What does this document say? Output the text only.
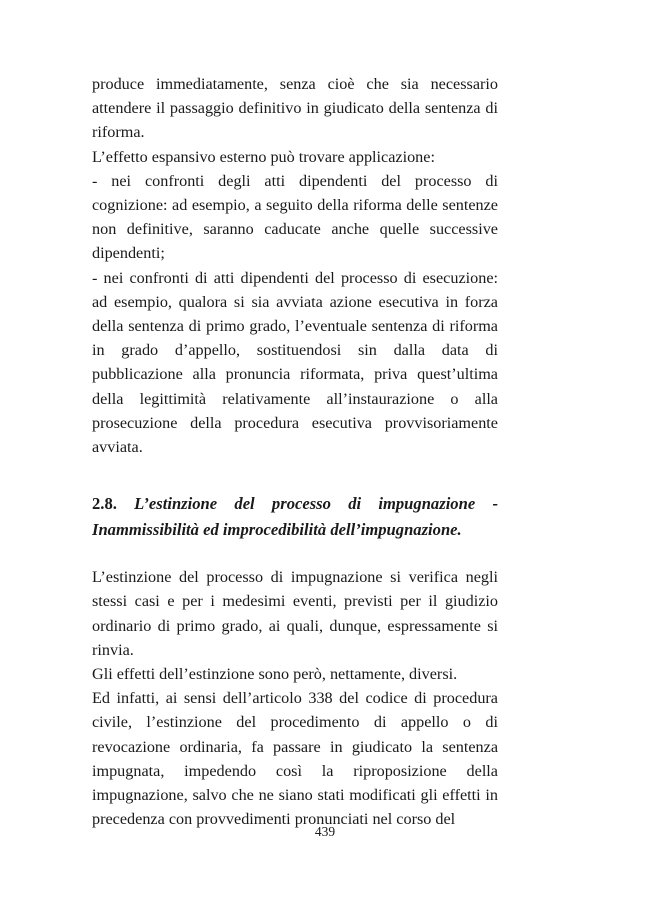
produce immediatamente, senza cioè che sia necessario attendere il passaggio definitivo in giudicato della sentenza di riforma.

L’effetto espansivo esterno può trovare applicazione:

- nei confronti degli atti dipendenti del processo di cognizione: ad esempio, a seguito della riforma delle sentenze non definitive, saranno caducate anche quelle successive dipendenti;

- nei confronti di atti dipendenti del processo di esecuzione: ad esempio, qualora si sia avviata azione esecutiva in forza della sentenza di primo grado, l’eventuale sentenza di riforma in grado d’appello, sostituendosi sin dalla data di pubblicazione alla pronuncia riformata, priva quest’ultima della legittimità relativamente all’instaurazione o alla prosecuzione della procedura esecutiva provvisoriamente avviata.

2.8. L’estinzione del processo di impugnazione - Inammissibilità ed improcedibilità dell’impugnazione.

L’estinzione del processo di impugnazione si verifica negli stessi casi e per i medesimi eventi, previsti per il giudizio ordinario di primo grado, ai quali, dunque, espressamente si rinvia.

Gli effetti dell’estinzione sono però, nettamente, diversi.

Ed infatti, ai sensi dell’articolo 338 del codice di procedura civile, l’estinzione del procedimento di appello o di revocazione ordinaria, fa passare in giudicato la sentenza impugnata, impedendo così la riproposizione della impugnazione, salvo che ne siano stati modificati gli effetti in precedenza con provvedimenti pronunciati nel corso del

439
